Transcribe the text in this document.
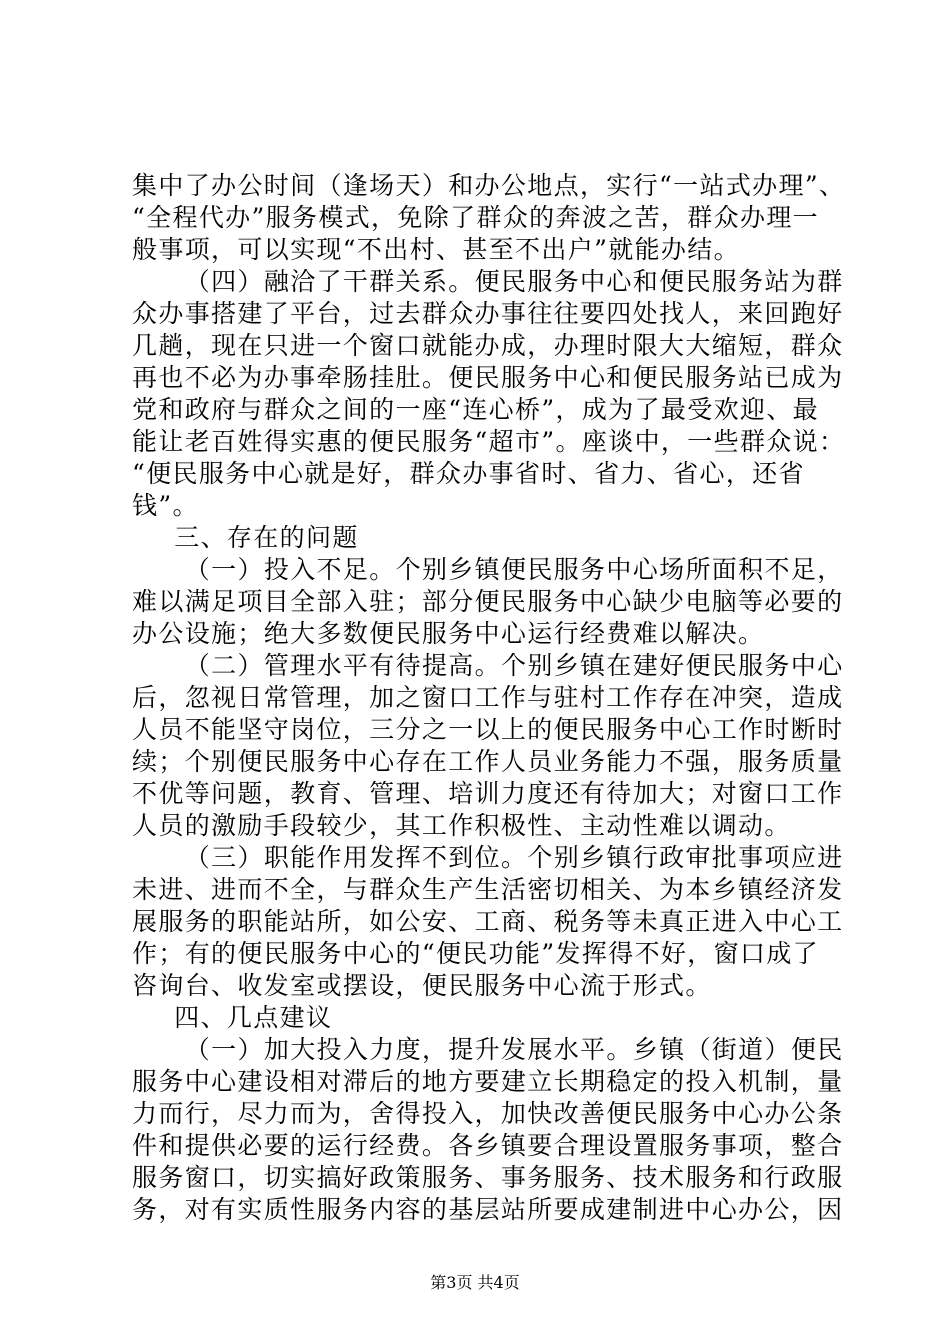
集中了办公时间（逢场天）和办公地点，实行“一站式办理”、
“全程代办”服务模式，免除了群众的奔波之苦，群众办理一
般事项，可以实现“不出村、甚至不出户”就能办结。
（四）融洽了干群关系。便民服务中心和便民服务站为群
众办事搭建了平台，过去群众办事往往要四处找人，来回跑好
几趟，现在只进一个窗口就能办成，办理时限大大缩短，群众
再也不必为办事牵肠挂肚。便民服务中心和便民服务站已成为
党和政府与群众之间的一座“连心桥”，成为了最受欢迎、最
能让老百姓得实惠的便民服务“超市”。座谈中，一些群众说：
“便民服务中心就是好，群众办事省时、省力、省心，还省
钱”。
三、存在的问题
（一）投入不足。个别乡镇便民服务中心场所面积不足，
难以满足项目全部入驻；部分便民服务中心缺少电脑等必要的
办公设施；绝大多数便民服务中心运行经费难以解决。
（二）管理水平有待提高。个别乡镇在建好便民服务中心
后，忽视日常管理，加之窗口工作与驻村工作存在冲突，造成
人员不能坚守岗位，三分之一以上的便民服务中心工作时断时
续；个别便民服务中心存在工作人员业务能力不强，服务质量
不优等问题，教育、管理、培训力度还有待加大；对窗口工作
人员的激励手段较少，其工作积极性、主动性难以调动。
（三）职能作用发挥不到位。个别乡镇行政审批事项应进
未进、进而不全，与群众生产生活密切相关、为本乡镇经济发
展服务的职能站所，如公安、工商、税务等未真正进入中心工
作；有的便民服务中心的“便民功能”发挥得不好，窗口成了
咨询台、收发室或摆设，便民服务中心流于形式。
四、几点建议
（一）加大投入力度，提升发展水平。乡镇（街道）便民
服务中心建设相对滞后的地方要建立长期稳定的投入机制，量
力而行，尽力而为，舍得投入，加快改善便民服务中心办公条
件和提供必要的运行经费。各乡镇要合理设置服务事项，整合
服务窗口，切实搞好政策服务、事务服务、技术服务和行政服
务，对有实质性服务内容的基层站所要成建制进中心办公，因
第3页 共4页
